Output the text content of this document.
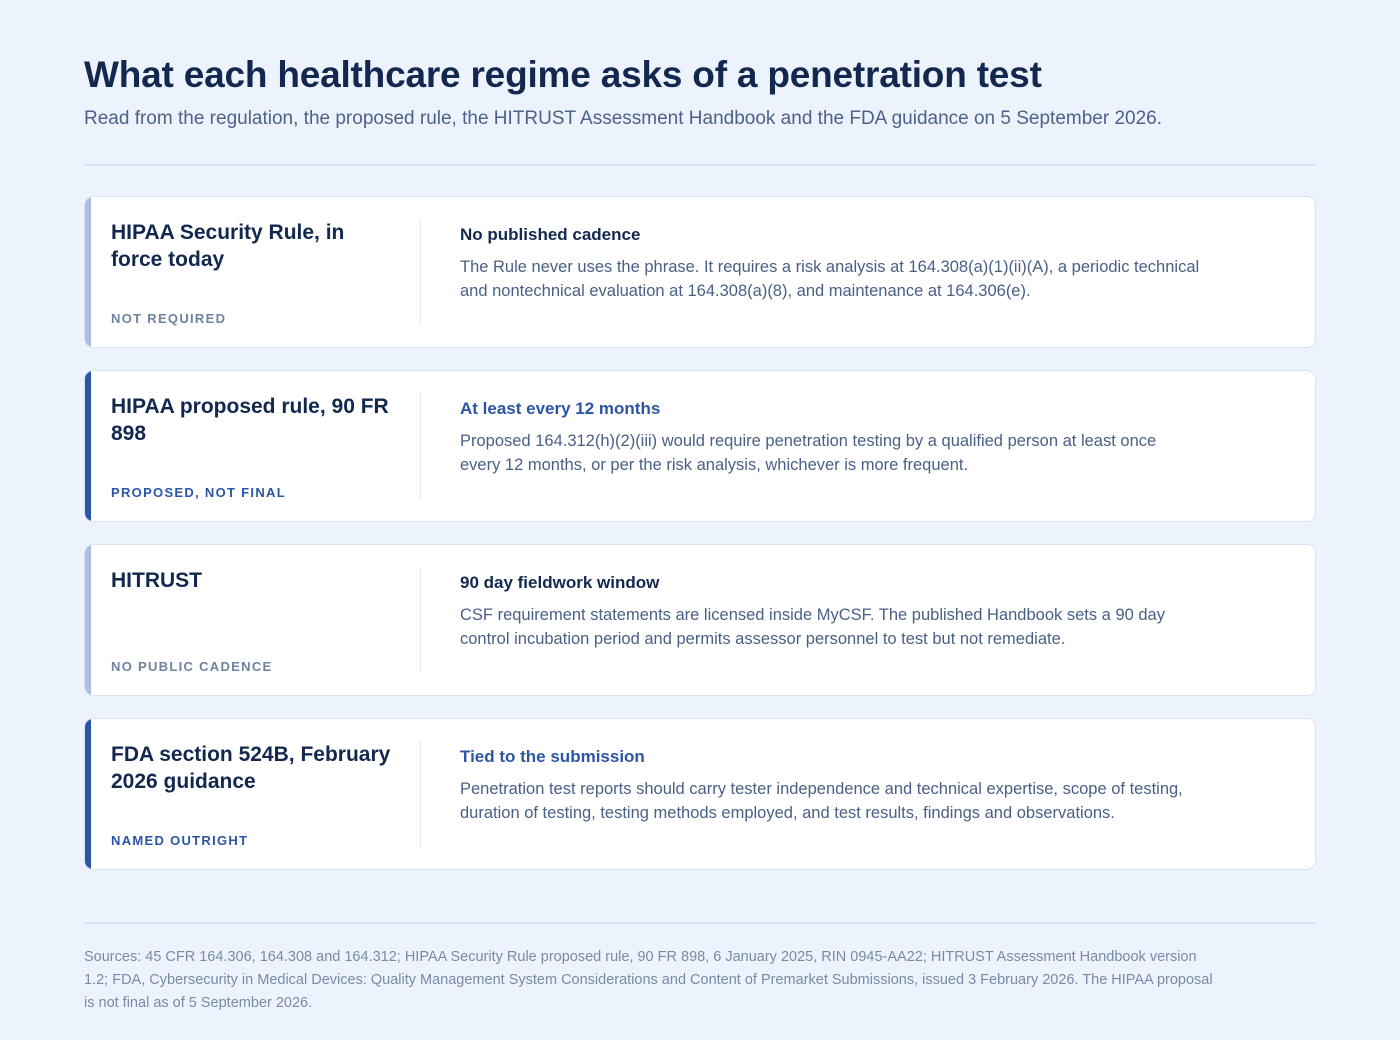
What each healthcare regime asks of a penetration test

Read from the regulation, the proposed rule, the HITRUST Assessment Handbook and the FDA guidance on 5 September 2026.

HIPAA Security Rule, in force today
NOT REQUIRED
No published cadence

The Rule never uses the phrase. It requires a risk analysis at 164.308(a)(1)(ii)(A), a periodic technical and nontechnical evaluation at 164.308(a)(8), and maintenance at 164.306(e).

HIPAA proposed rule, 90 FR 898
PROPOSED, NOT FINAL
At least every 12 months

Proposed 164.312(h)(2)(iii) would require penetration testing by a qualified person at least once every 12 months, or per the risk analysis, whichever is more frequent.

HITRUST
NO PUBLIC CADENCE
90 day fieldwork window

CSF requirement statements are licensed inside MyCSF. The published Handbook sets a 90 day control incubation period and permits assessor personnel to test but not remediate.

FDA section 524B, February 2026 guidance
NAMED OUTRIGHT
Tied to the submission

Penetration test reports should carry tester independence and technical expertise, scope of testing, duration of testing, testing methods employed, and test results, findings and observations.

Sources: 45 CFR 164.306, 164.308 and 164.312; HIPAA Security Rule proposed rule, 90 FR 898, 6 January 2025, RIN 0945-AA22; HITRUST Assessment Handbook version 1.2; FDA, Cybersecurity in Medical Devices: Quality Management System Considerations and Content of Premarket Submissions, issued 3 February 2026. The HIPAA proposal is not final as of 5 September 2026.
